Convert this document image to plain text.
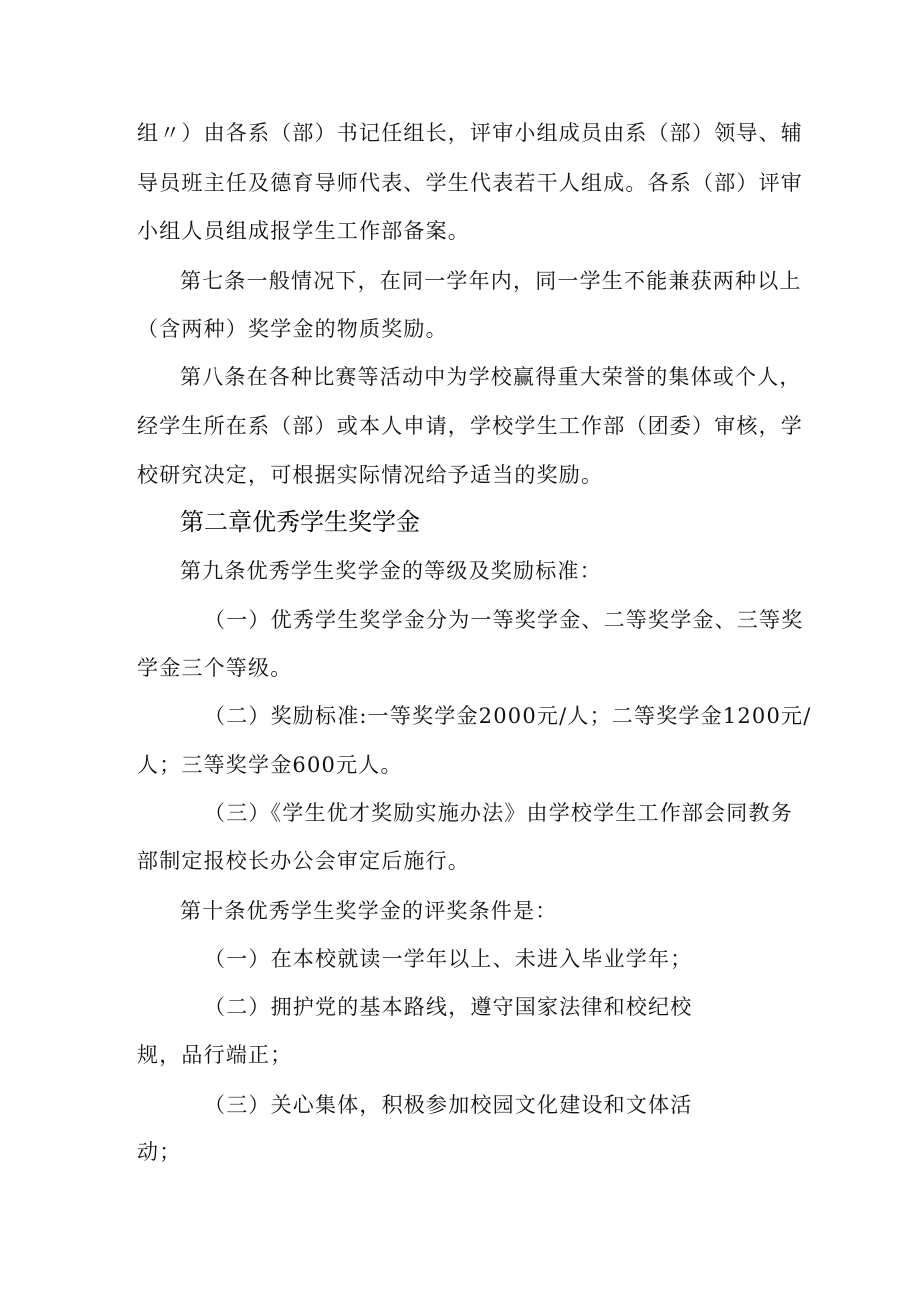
组〃）由各系（部）书记任组长，评审小组成员由系（部）领导、辅
导员班主任及德育导师代表、学生代表若干人组成。各系（部）评审
小组人员组成报学生工作部备案。
第七条一般情况下，在同一学年内，同一学生不能兼获两种以上
（含两种）奖学金的物质奖励。
第八条在各种比赛等活动中为学校赢得重大荣誉的集体或个人，
经学生所在系（部）或本人申请，学校学生工作部（团委）审核，学
校研究决定，可根据实际情况给予适当的奖励。
第二章优秀学生奖学金
第九条优秀学生奖学金的等级及奖励标准：
（一）优秀学生奖学金分为一等奖学金、二等奖学金、三等奖
学金三个等级。
（二）奖励标准:一等奖学金2000元/人；二等奖学金1200元/
人；三等奖学金600元人。
（三）《学生优才奖励实施办法》由学校学生工作部会同教务
部制定报校长办公会审定后施行。
第十条优秀学生奖学金的评奖条件是：
（一）在本校就读一学年以上、未进入毕业学年；
（二）拥护党的基本路线，遵守国家法律和校纪校
规，品行端正；
（三）关心集体，积极参加校园文化建设和文体活
动；
